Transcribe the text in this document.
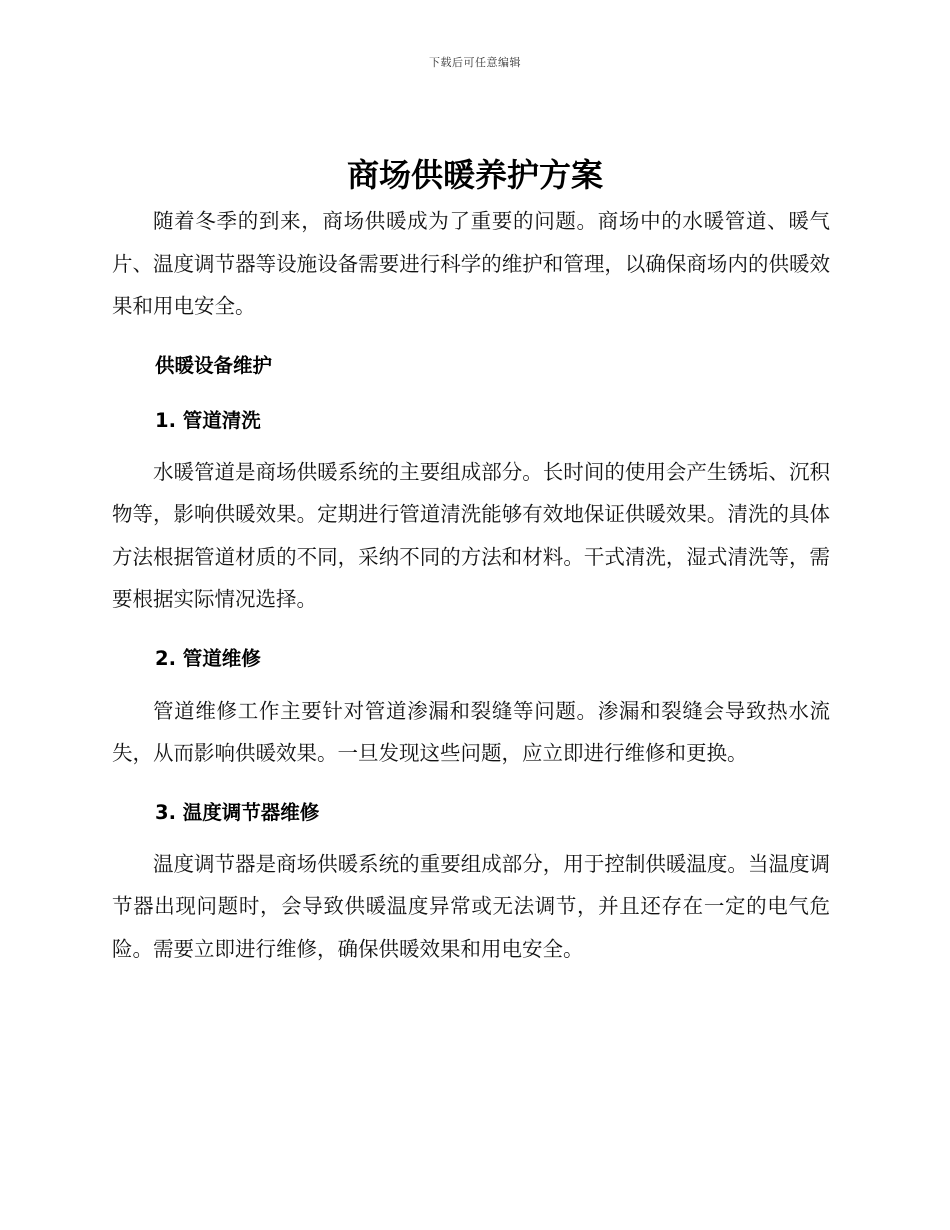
下载后可任意编辑
商场供暖养护方案

随着冬季的到来，商场供暖成为了重要的问题。商场中的水暖管道、暖气片、温度调节器等设施设备需要进行科学的维护和管理，以确保商场内的供暖效果和用电安全。

供暖设备维护
1. 管道清洗

水暖管道是商场供暖系统的主要组成部分。长时间的使用会产生锈垢、沉积物等，影响供暖效果。定期进行管道清洗能够有效地保证供暖效果。清洗的具体方法根据管道材质的不同，采纳不同的方法和材料。干式清洗，湿式清洗等，需要根据实际情况选择。

2. 管道维修

管道维修工作主要针对管道渗漏和裂缝等问题。渗漏和裂缝会导致热水流失，从而影响供暖效果。一旦发现这些问题，应立即进行维修和更换。

3. 温度调节器维修

温度调节器是商场供暖系统的重要组成部分，用于控制供暖温度。当温度调节器出现问题时，会导致供暖温度异常或无法调节，并且还存在一定的电气危险。需要立即进行维修，确保供暖效果和用电安全。
